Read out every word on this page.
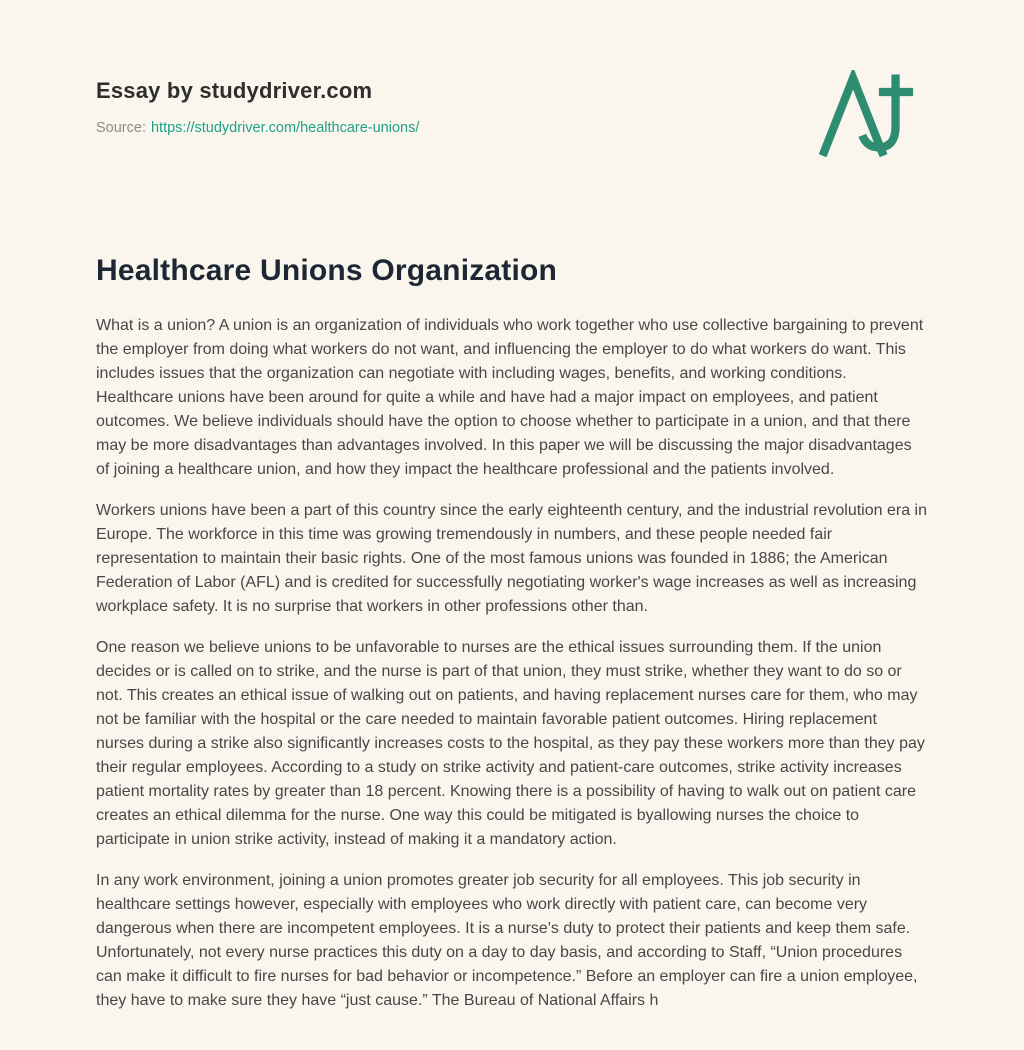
Essay by studydriver.com
Source: https://studydriver.com/healthcare-unions/
Healthcare Unions Organization

What is a union? A union is an organization of individuals who work together who use collective bargaining to prevent the employer from doing what workers do not want, and influencing the employer to do what workers do want. This includes issues that the organization can negotiate with including wages, benefits, and working conditions. Healthcare unions have been around for quite a while and have had a major impact on employees, and patient outcomes. We believe individuals should have the option to choose whether to participate in a union, and that there may be more disadvantages than advantages involved. In this paper we will be discussing the major disadvantages of joining a healthcare union, and how they impact the healthcare professional and the patients involved.

Workers unions have been a part of this country since the early eighteenth century, and the industrial revolution era in Europe. The workforce in this time was growing tremendously in numbers, and these people needed fair representation to maintain their basic rights. One of the most famous unions was founded in 1886; the American Federation of Labor (AFL) and is credited for successfully negotiating worker's wage increases as well as increasing workplace safety. It is no surprise that workers in other professions other than.

One reason we believe unions to be unfavorable to nurses are the ethical issues surrounding them. If the union decides or is called on to strike, and the nurse is part of that union, they must strike, whether they want to do so or not. This creates an ethical issue of walking out on patients, and having replacement nurses care for them, who may not be familiar with the hospital or the care needed to maintain favorable patient outcomes. Hiring replacement nurses during a strike also significantly increases costs to the hospital, as they pay these workers more than they pay their regular employees. According to a study on strike activity and patient-care outcomes, strike activity increases patient mortality rates by greater than 18 percent. Knowing there is a possibility of having to walk out on patient care creates an ethical dilemma for the nurse. One way this could be mitigated is byallowing nurses the choice to participate in union strike activity, instead of making it a mandatory action.

In any work environment, joining a union promotes greater job security for all employees. This job security in healthcare settings however, especially with employees who work directly with patient care, can become very dangerous when there are incompetent employees. It is a nurse's duty to protect their patients and keep them safe. Unfortunately, not every nurse practices this duty on a day to day basis, and according to Staff, “Union procedures can make it difficult to fire nurses for bad behavior or incompetence.” Before an employer can fire a union employee, they have to make sure they have “just cause.” The Bureau of National Affairs h
